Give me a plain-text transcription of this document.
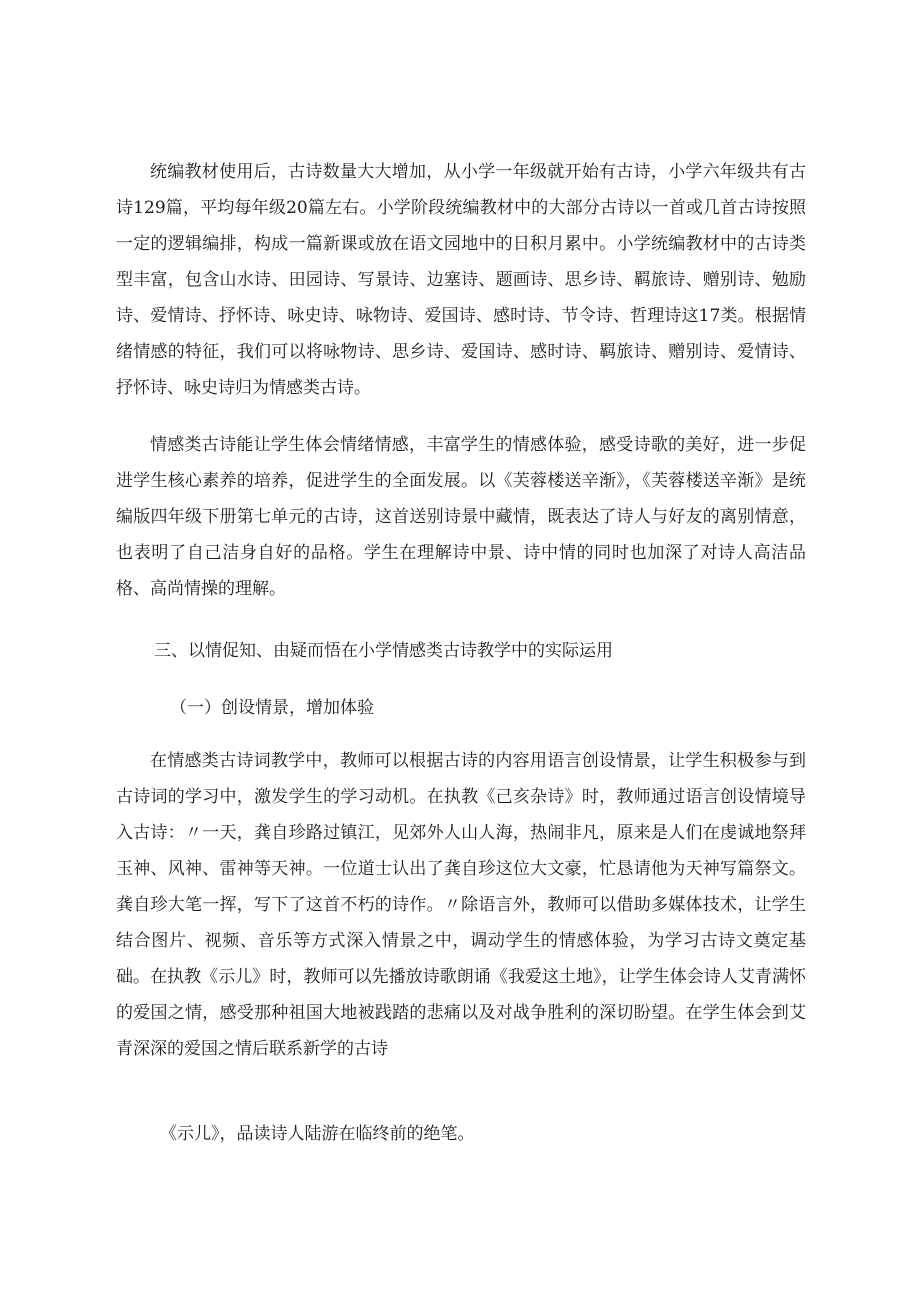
统编教材使用后，古诗数量大大增加，从小学一年级就开始有古诗，小学六年级共有古诗129篇，平均每年级20篇左右。小学阶段统编教材中的大部分古诗以一首或几首古诗按照一定的逻辑编排，构成一篇新课或放在语文园地中的日积月累中。小学统编教材中的古诗类型丰富，包含山水诗、田园诗、写景诗、边塞诗、题画诗、思乡诗、羁旅诗、赠别诗、勉励诗、爱情诗、抒怀诗、咏史诗、咏物诗、爱国诗、感时诗、节令诗、哲理诗这17类。根据情绪情感的特征，我们可以将咏物诗、思乡诗、爱国诗、感时诗、羁旅诗、赠别诗、爱情诗、抒怀诗、咏史诗归为情感类古诗。

情感类古诗能让学生体会情绪情感，丰富学生的情感体验，感受诗歌的美好，进一步促进学生核心素养的培养，促进学生的全面发展。以《芙蓉楼送辛渐》，《芙蓉楼送辛渐》是统编版四年级下册第七单元的古诗，这首送别诗景中藏情，既表达了诗人与好友的离别情意，也表明了自己洁身自好的品格。学生在理解诗中景、诗中情的同时也加深了对诗人高洁品格、高尚情操的理解。

三、以情促知、由疑而悟在小学情感类古诗教学中的实际运用

（一）创设情景，增加体验

在情感类古诗词教学中，教师可以根据古诗的内容用语言创设情景，让学生积极参与到古诗词的学习中，激发学生的学习动机。在执教《己亥杂诗》时，教师通过语言创设情境导入古诗：〃一天，龚自珍路过镇江，见郊外人山人海，热闹非凡，原来是人们在虔诚地祭拜玉神、风神、雷神等天神。一位道士认出了龚自珍这位大文豪，忙恳请他为天神写篇祭文。龚自珍大笔一挥，写下了这首不朽的诗作。〃除语言外，教师可以借助多媒体技术，让学生结合图片、视频、音乐等方式深入情景之中，调动学生的情感体验，为学习古诗文奠定基础。在执教《示儿》时，教师可以先播放诗歌朗诵《我爱这土地》，让学生体会诗人艾青满怀的爱国之情，感受那种祖国大地被践踏的悲痛以及对战争胜利的深切盼望。在学生体会到艾青深深的爱国之情后联系新学的古诗

《示儿》，品读诗人陆游在临终前的绝笔。
